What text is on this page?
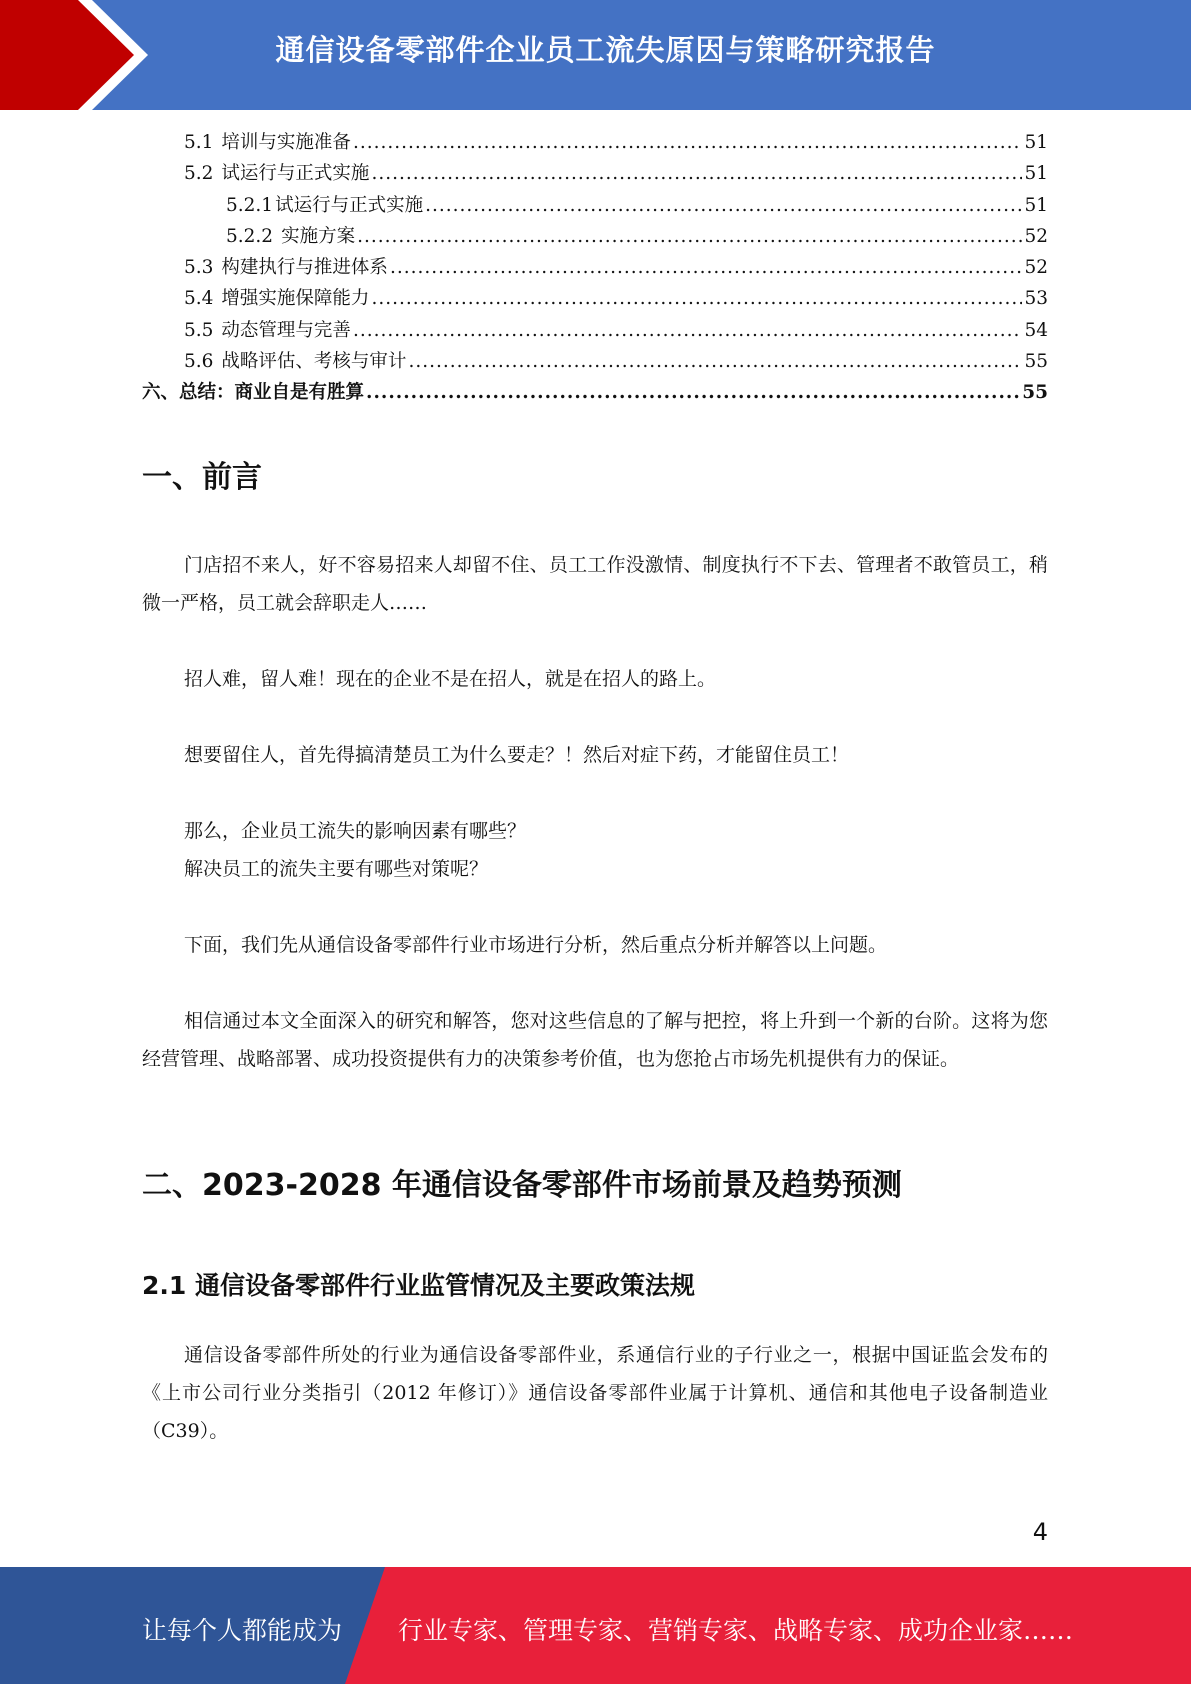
通信设备零部件企业员工流失原因与策略研究报告
5.1 培训与实施准备 .....	51
5.2 试运行与正式实施 .....	51
5.2.1 试运行与正式实施 .....	51
5.2.2 实施方案 .....	52
5.3 构建执行与推进体系 .....	52
5.4 增强实施保障能力 .....	53
5.5 动态管理与完善 .....	54
5.6 战略评估、考核与审计 .....	55
六、总结：商业自是有胜算 .....	55
一、前言
门店招不来人，好不容易招来人却留不住、员工工作没激情、制度执行不下去、管理者不敢管员工，稍微一严格，员工就会辞职走人……
招人难，留人难！现在的企业不是在招人，就是在招人的路上。
想要留住人，首先得搞清楚员工为什么要走？！然后对症下药，才能留住员工！
那么，企业员工流失的影响因素有哪些？
解决员工的流失主要有哪些对策呢？
下面，我们先从通信设备零部件行业市场进行分析，然后重点分析并解答以上问题。
相信通过本文全面深入的研究和解答，您对这些信息的了解与把控，将上升到一个新的台阶。这将为您经营管理、战略部署、成功投资提供有力的决策参考价值，也为您抢占市场先机提供有力的保证。
二、2023-2028 年通信设备零部件市场前景及趋势预测
2.1 通信设备零部件行业监管情况及主要政策法规
通信设备零部件所处的行业为通信设备零部件业，系通信行业的子行业之一，根据中国证监会发布的《上市公司行业分类指引（2012 年修订）》通信设备零部件业属于计算机、通信和其他电子设备制造业（C39）。
4
让每个人都能成为 行业专家、管理专家、营销专家、战略专家、成功企业家……
